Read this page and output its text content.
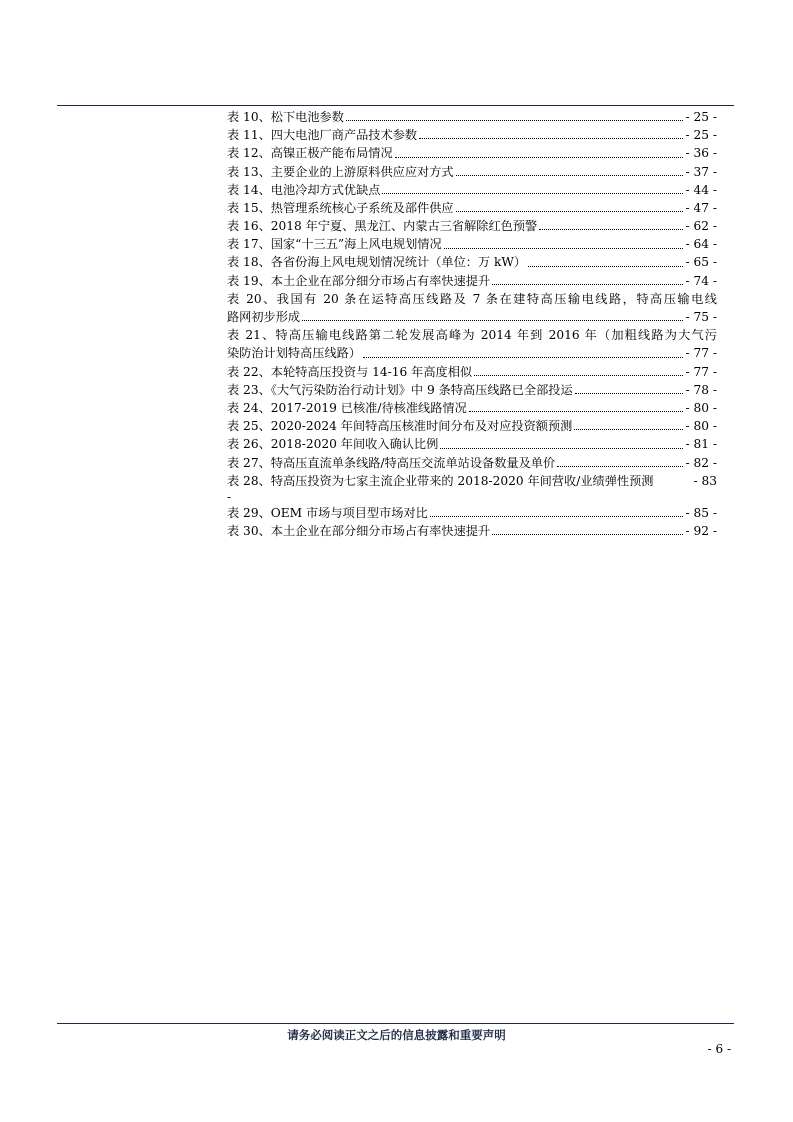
表 10、松下电池参数	- 25 -
表 11、四大电池厂商产品技术参数	- 25 -
表 12、高镍正极产能布局情况	- 36 -
表 13、主要企业的上游原料供应应对方式	- 37 -
表 14、电池冷却方式优缺点	- 44 -
表 15、热管理系统核心子系统及部件供应	- 47 -
表 16、2018 年宁夏、黑龙江、内蒙古三省解除红色预警	- 62 -
表 17、国家“十三五”海上风电规划情况	- 64 -
表 18、各省份海上风电规划情况统计（单位：万 kW）	- 65 -
表 19、本土企业在部分细分市场占有率快速提升	- 74 -
表 20、我国有 20 条在运特高压线路及 7 条在建特高压输电线路，特高压输电线
路网初步形成	- 75 -
表 21、特高压输电线路第二轮发展高峰为 2014 年到 2016 年（加粗线路为大气污
染防治计划特高压线路）	- 77 -
表 22、本轮特高压投资与 14-16 年高度相似	- 77 -
表 23、《大气污染防治行动计划》中 9 条特高压线路已全部投运	- 78 -
表 24、2017-2019 已核准/待核准线路情况	- 80 -
表 25、2020-2024 年间特高压核准时间分布及对应投资额预测	- 80 -
表 26、2018-2020 年间收入确认比例	- 81 -
表 27、特高压直流单条线路/特高压交流单站设备数量及单价	- 82 -
表 28、特高压投资为七家主流企业带来的 2018-2020 年间营收/业绩弹性预测	- 83
-
表 29、OEM 市场与项目型市场对比	- 85 -
表 30、本土企业在部分细分市场占有率快速提升	- 92 -
请务必阅读正文之后的信息披露和重要声明
- 6 -
